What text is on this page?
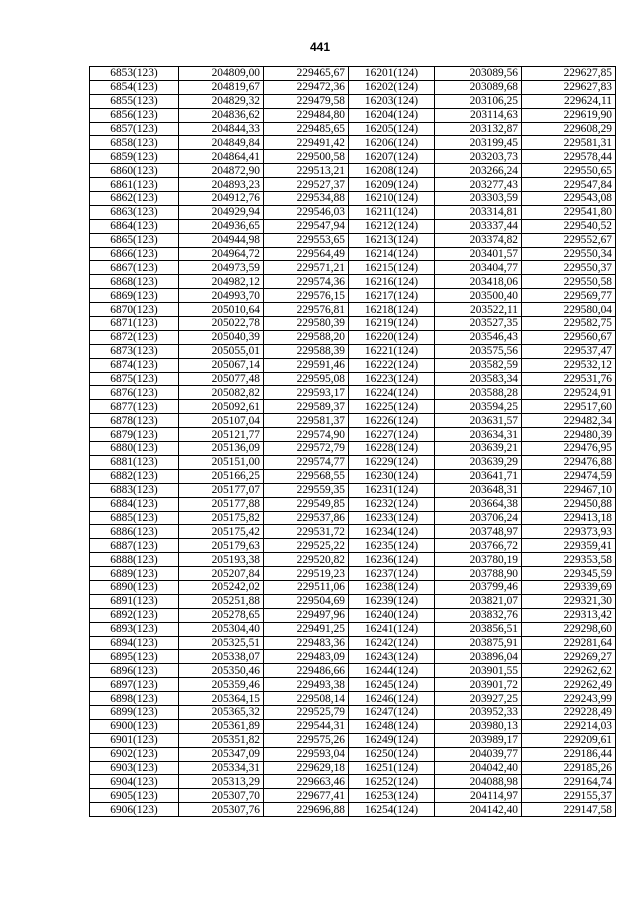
441
6853(123)	204809,00	229465,67	16201(124)	203089,56	229627,85
6854(123)	204819,67	229472,36	16202(124)	203089,68	229627,83
6855(123)	204829,32	229479,58	16203(124)	203106,25	229624,11
6856(123)	204836,62	229484,80	16204(124)	203114,63	229619,90
6857(123)	204844,33	229485,65	16205(124)	203132,87	229608,29
6858(123)	204849,84	229491,42	16206(124)	203199,45	229581,31
6859(123)	204864,41	229500,58	16207(124)	203203,73	229578,44
6860(123)	204872,90	229513,21	16208(124)	203266,24	229550,65
6861(123)	204893,23	229527,37	16209(124)	203277,43	229547,84
6862(123)	204912,76	229534,88	16210(124)	203303,59	229543,08
6863(123)	204929,94	229546,03	16211(124)	203314,81	229541,80
6864(123)	204936,65	229547,94	16212(124)	203337,44	229540,52
6865(123)	204944,98	229553,65	16213(124)	203374,82	229552,67
6866(123)	204964,72	229564,49	16214(124)	203401,57	229550,34
6867(123)	204973,59	229571,21	16215(124)	203404,77	229550,37
6868(123)	204982,12	229574,36	16216(124)	203418,06	229550,58
6869(123)	204993,70	229576,15	16217(124)	203500,40	229569,77
6870(123)	205010,64	229576,81	16218(124)	203522,11	229580,04
6871(123)	205022,78	229580,39	16219(124)	203527,35	229582,75
6872(123)	205040,39	229588,20	16220(124)	203546,43	229560,67
6873(123)	205055,01	229588,39	16221(124)	203575,56	229537,47
6874(123)	205067,14	229591,46	16222(124)	203582,59	229532,12
6875(123)	205077,48	229595,08	16223(124)	203583,34	229531,76
6876(123)	205082,82	229593,17	16224(124)	203588,28	229524,91
6877(123)	205092,61	229589,37	16225(124)	203594,25	229517,60
6878(123)	205107,04	229581,37	16226(124)	203631,57	229482,34
6879(123)	205121,77	229574,90	16227(124)	203634,31	229480,39
6880(123)	205136,09	229572,79	16228(124)	203639,21	229476,95
6881(123)	205151,00	229574,77	16229(124)	203639,29	229476,88
6882(123)	205166,25	229568,55	16230(124)	203641,71	229474,59
6883(123)	205177,07	229559,35	16231(124)	203648,31	229467,10
6884(123)	205177,88	229549,85	16232(124)	203664,38	229450,88
6885(123)	205175,82	229537,86	16233(124)	203706,24	229413,18
6886(123)	205175,42	229531,72	16234(124)	203748,97	229373,93
6887(123)	205179,63	229525,22	16235(124)	203766,72	229359,41
6888(123)	205193,38	229520,82	16236(124)	203780,19	229353,58
6889(123)	205207,84	229519,23	16237(124)	203788,90	229345,59
6890(123)	205242,02	229511,06	16238(124)	203799,46	229339,69
6891(123)	205251,88	229504,69	16239(124)	203821,07	229321,30
6892(123)	205278,65	229497,96	16240(124)	203832,76	229313,42
6893(123)	205304,40	229491,25	16241(124)	203856,51	229298,60
6894(123)	205325,51	229483,36	16242(124)	203875,91	229281,64
6895(123)	205338,07	229483,09	16243(124)	203896,04	229269,27
6896(123)	205350,46	229486,66	16244(124)	203901,55	229262,62
6897(123)	205359,46	229493,38	16245(124)	203901,72	229262,49
6898(123)	205364,15	229508,14	16246(124)	203927,25	229243,99
6899(123)	205365,32	229525,79	16247(124)	203952,33	229228,49
6900(123)	205361,89	229544,31	16248(124)	203980,13	229214,03
6901(123)	205351,82	229575,26	16249(124)	203989,17	229209,61
6902(123)	205347,09	229593,04	16250(124)	204039,77	229186,44
6903(123)	205334,31	229629,18	16251(124)	204042,40	229185,26
6904(123)	205313,29	229663,46	16252(124)	204088,98	229164,74
6905(123)	205307,70	229677,41	16253(124)	204114,97	229155,37
6906(123)	205307,76	229696,88	16254(124)	204142,40	229147,58
